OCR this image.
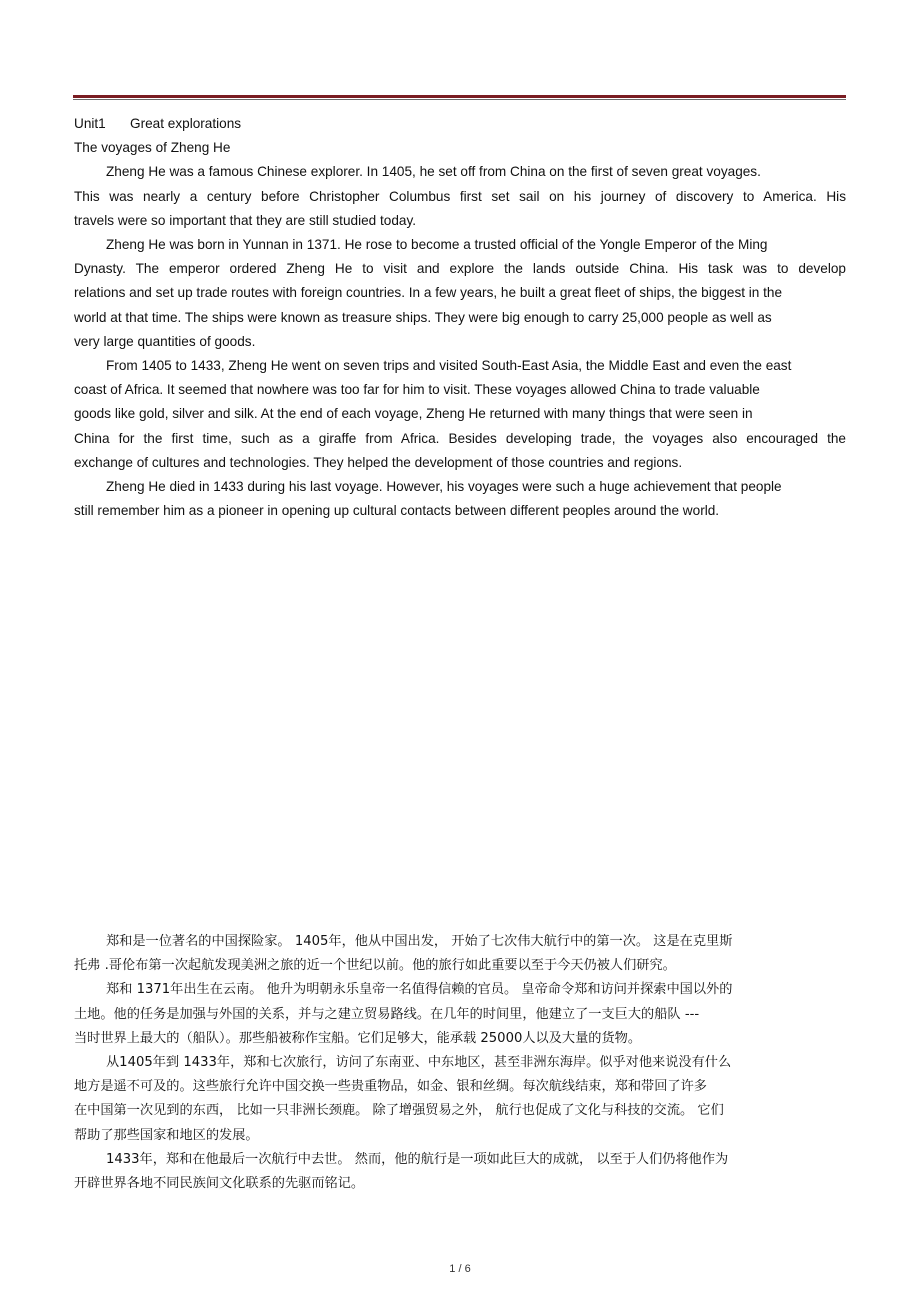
Unit1 Great explorations
The voyages of Zheng He
Zheng He was a famous Chinese explorer. In 1405, he set off from China on the first of seven great voyages.
This was nearly a century before Christopher Columbus first set sail on his journey of discovery to America. His
travels were so important that they are still studied today.
Zheng He was born in Yunnan in 1371. He rose to become a trusted official of the Yongle Emperor of the Ming
Dynasty. The emperor ordered Zheng He to visit and explore the lands outside China. His task was to develop
relations and set up trade routes with foreign countries. In a few years, he built a great fleet of ships, the biggest in the
world at that time. The ships were known as treasure ships. They were big enough to carry 25,000 people as well as
very large quantities of goods.
From 1405 to 1433, Zheng He went on seven trips and visited South-East Asia, the Middle East and even the east
coast of Africa. It seemed that nowhere was too far for him to visit. These voyages allowed China to trade valuable
goods like gold, silver and silk. At the end of each voyage, Zheng He returned with many things that were seen in
China for the first time, such as a giraffe from Africa. Besides developing trade, the voyages also encouraged the
exchange of cultures and technologies. They helped the development of those countries and regions.
Zheng He died in 1433 during his last voyage. However, his voyages were such a huge achievement that people
still remember him as a pioneer in opening up cultural contacts between different peoples around the world.
郑和是一位著名的中国探险家。 1405年，他从中国出发， 开始了七次伟大航行中的第一次。 这是在克里斯
托弗 .哥伦布第一次起航发现美洲之旅的近一个世纪以前。他的旅行如此重要以至于今天仍被人们研究。
郑和 1371年出生在云南。 他升为明朝永乐皇帝一名值得信赖的官员。 皇帝命令郑和访问并探索中国以外的
土地。他的任务是加强与外国的关系，并与之建立贸易路线。在几年的时间里，他建立了一支巨大的船队 ---
当时世界上最大的（船队）。那些船被称作宝船。它们足够大，能承载 25000人以及大量的货物。
从1405年到 1433年，郑和七次旅行，访问了东南亚、中东地区，甚至非洲东海岸。似乎对他来说没有什么
地方是遥不可及的。这些旅行允许中国交换一些贵重物品，如金、银和丝绸。每次航线结束，郑和带回了许多
在中国第一次见到的东西， 比如一只非洲长颈鹿。 除了增强贸易之外， 航行也促成了文化与科技的交流。 它们
帮助了那些国家和地区的发展。
1433年，郑和在他最后一次航行中去世。 然而，他的航行是一项如此巨大的成就， 以至于人们仍将他作为
开辟世界各地不同民族间文化联系的先驱而铭记。
1 / 6
